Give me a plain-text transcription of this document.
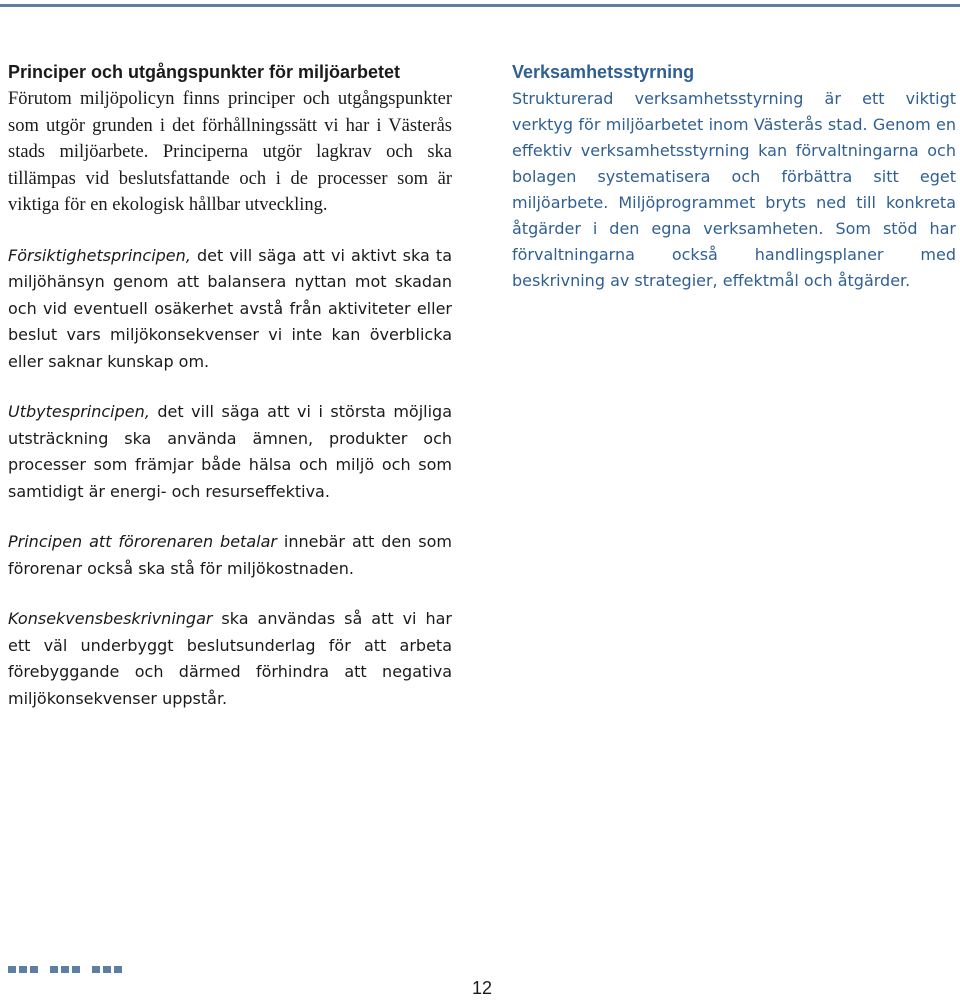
Principer och utgångspunkter för miljöarbetet

Förutom miljöpolicyn finns principer och utgångspunkter som utgör grunden i det förhållningssätt vi har i Västerås stads miljöarbete. Principerna utgör lagkrav och ska tillämpas vid beslutsfattande och i de processer som är viktiga för en ekologisk hållbar utveckling.

Försiktighetsprincipen, det vill säga att vi aktivt ska ta miljöhänsyn genom att balansera nyttan mot skadan och vid eventuell osäkerhet avstå från aktiviteter eller beslut vars miljökonsekvenser vi inte kan överblicka eller saknar kunskap om.

Utbytesprincipen, det vill säga att vi i största möjliga utsträckning ska använda ämnen, produkter och processer som främjar både hälsa och miljö och som samtidigt är energi- och resurseffektiva.

Principen att förorenaren betalar innebär att den som förorenar också ska stå för miljökostnaden.

Konsekvensbeskrivningar ska användas så att vi har ett väl underbyggt beslutsunderlag för att arbeta förebyggande och därmed förhindra att negativa miljökonsekvenser uppstår.

Verksamhetsstyrning

Strukturerad verksamhetsstyrning är ett viktigt verktyg för miljöarbetet inom Västerås stad. Genom en effektiv verksamhetsstyrning kan förvaltningarna och bolagen systematisera och förbättra sitt eget miljöarbete. Miljöprogrammet bryts ned till konkreta åtgärder i den egna verksamheten. Som stöd har förvaltningarna också handlingsplaner med beskrivning av strategier, effektmål och åtgärder.

12
